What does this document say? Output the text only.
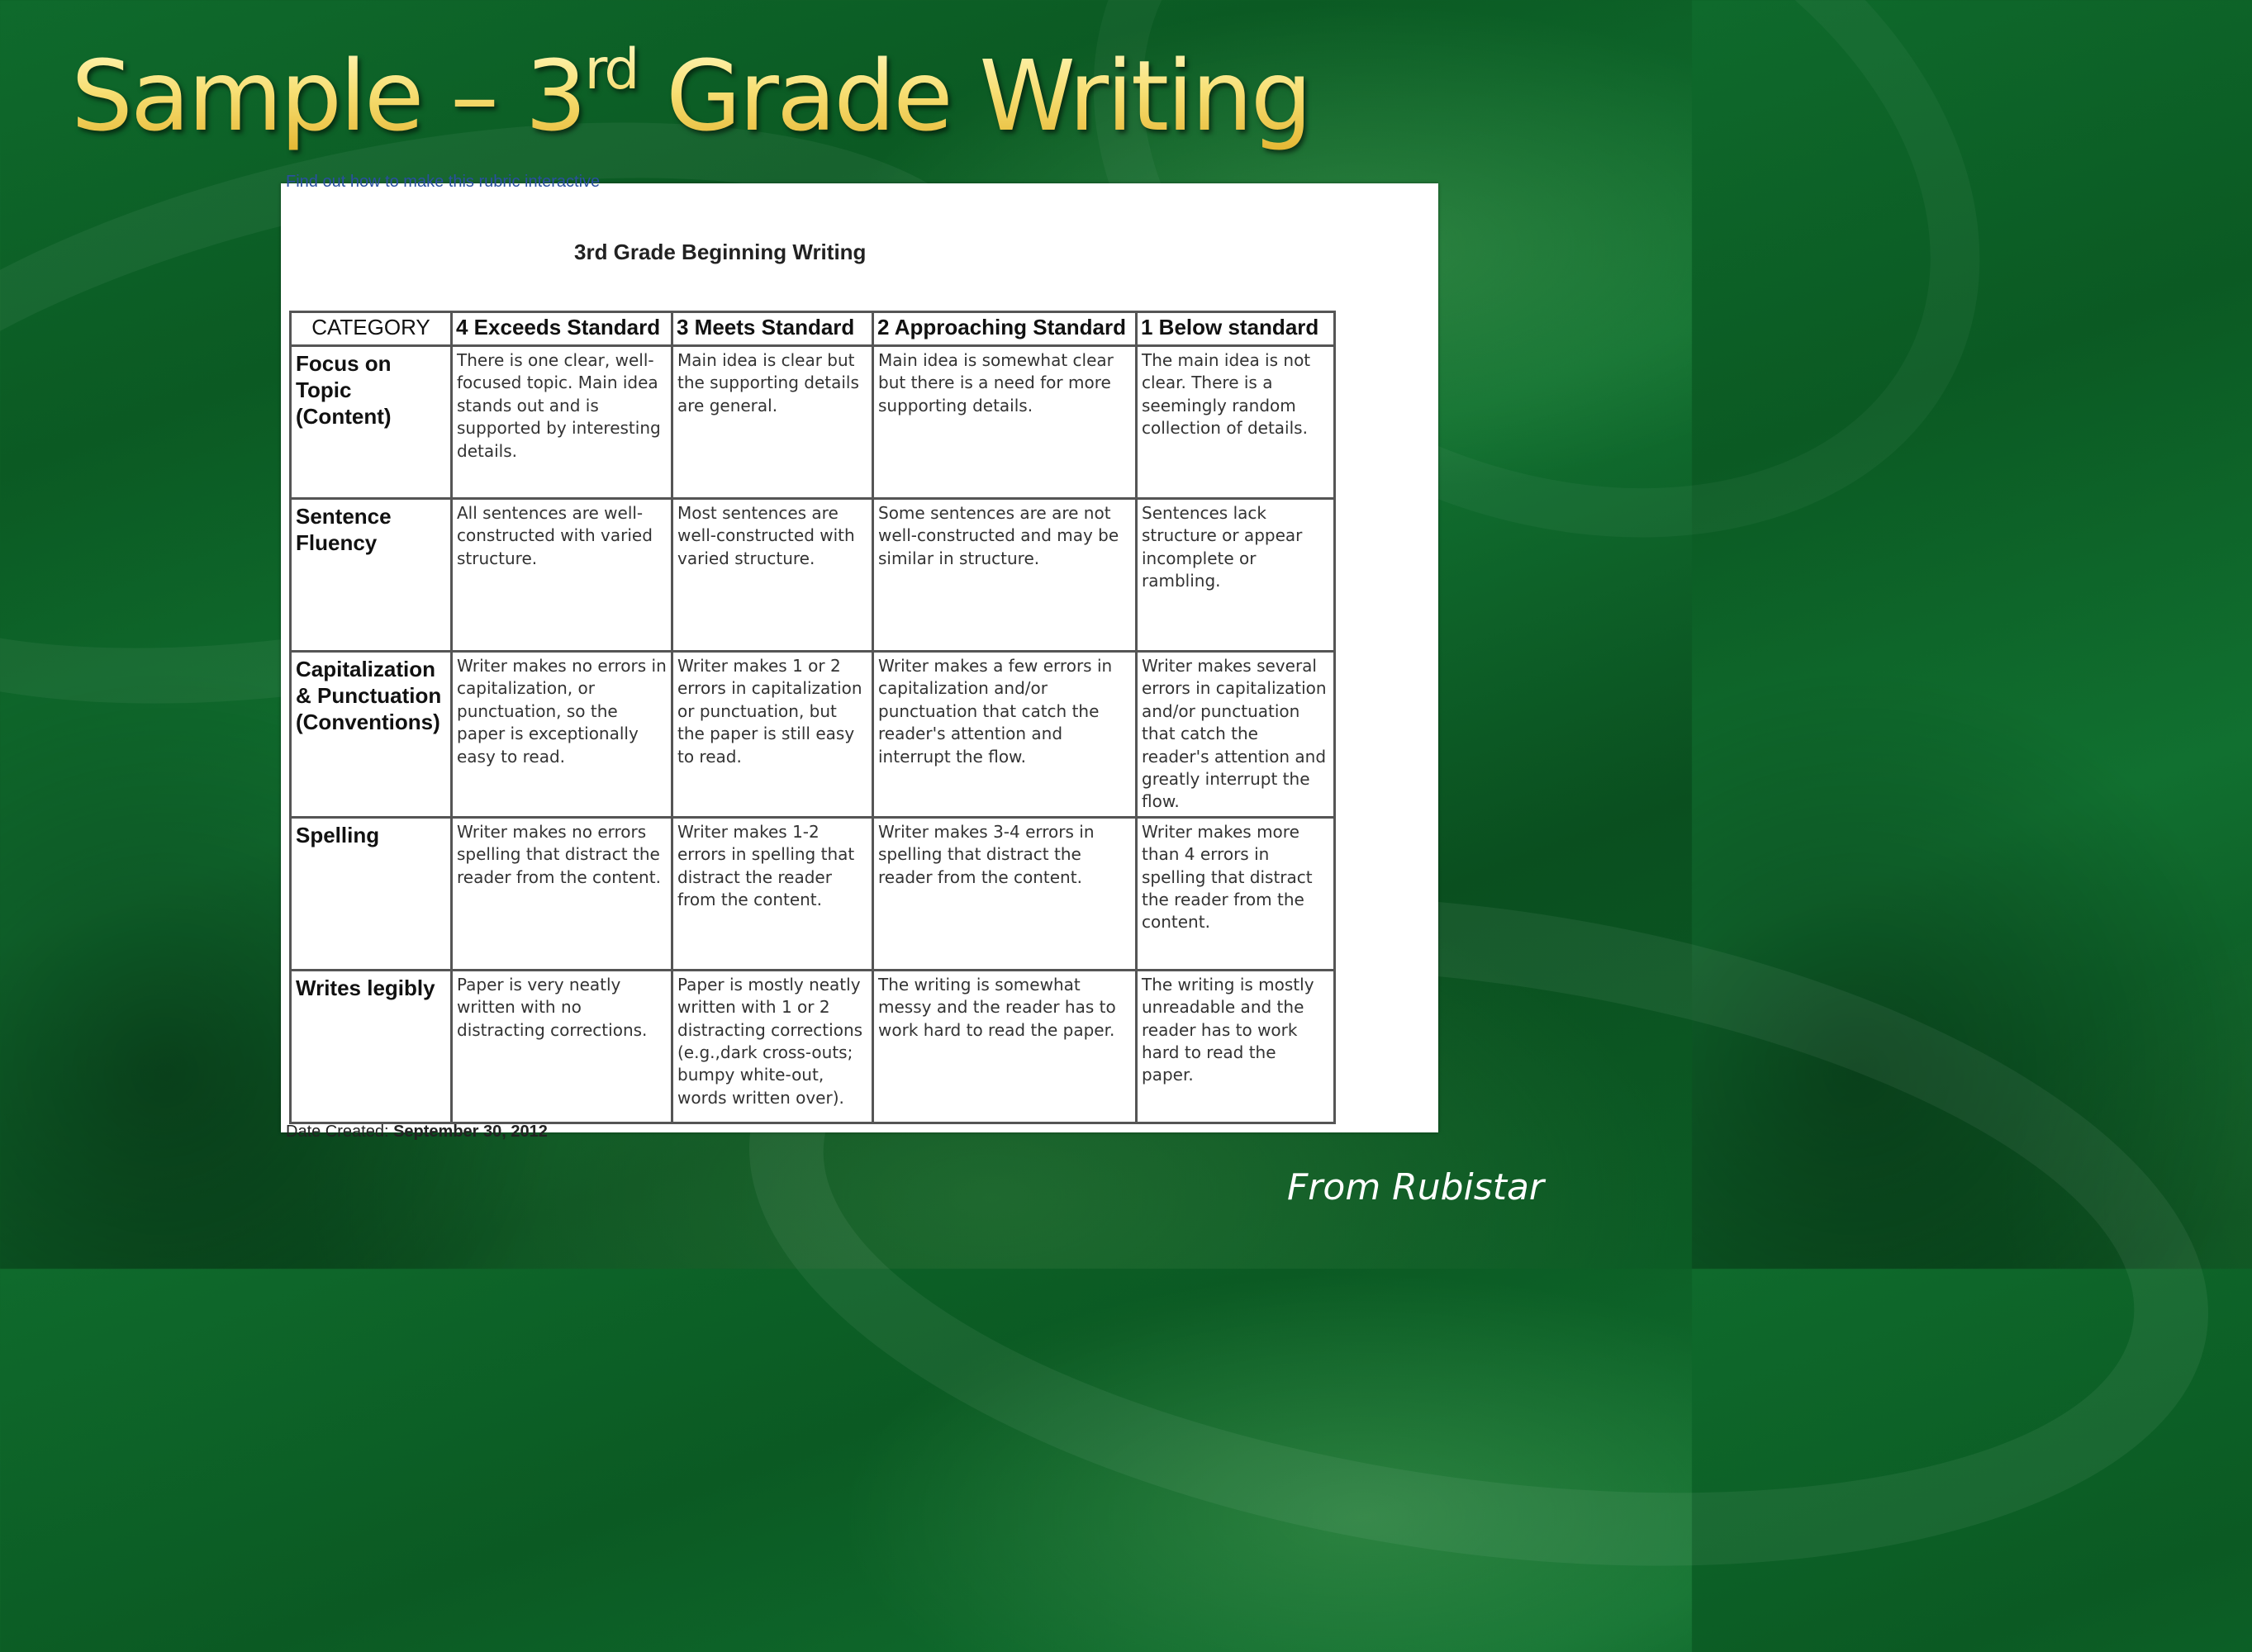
Sample – 3rd Grade Writing
Find out how to make this rubric interactive
3rd Grade Beginning Writing
CATEGORY	4 Exceeds Standard	3 Meets Standard	2 Approaching Standard	1 Below standard
Focus on Topic (Content)	There is one clear, well-focused topic. Main idea stands out and is supported by interesting details.	Main idea is clear but the supporting details are general.	Main idea is somewhat clear but there is a need for more supporting details.	The main idea is not clear. There is a seemingly random collection of details.
Sentence Fluency	All sentences are well-constructed with varied structure.	Most sentences are well-constructed with varied structure.	Some sentences are are not well-constructed and may be similar in structure.	Sentences lack structure or appear incomplete or rambling.
Capitalization & Punctuation (Conventions)	Writer makes no errors in capitalization, or punctuation, so the paper is exceptionally easy to read.	Writer makes 1 or 2 errors in capitalization or punctuation, but the paper is still easy to read.	Writer makes a few errors in capitalization and/or punctuation that catch the reader's attention and interrupt the flow.	Writer makes several errors in capitalization and/or punctuation that catch the reader's attention and greatly interrupt the flow.
Spelling	Writer makes no errors spelling that distract the reader from the content.	Writer makes 1-2 errors in spelling that distract the reader from the content.	Writer makes 3-4 errors in spelling that distract the reader from the content.	Writer makes more than 4 errors in spelling that distract the reader from the content.
Writes legibly	Paper is very neatly written with no distracting corrections.	Paper is mostly neatly written with 1 or 2 distracting corrections (e.g.,dark cross-outs; bumpy white-out, words written over).	The writing is somewhat messy and the reader has to work hard to read the paper.	The writing is mostly unreadable and the reader has to work hard to read the paper.
Date Created: September 30, 2012
From Rubistar
